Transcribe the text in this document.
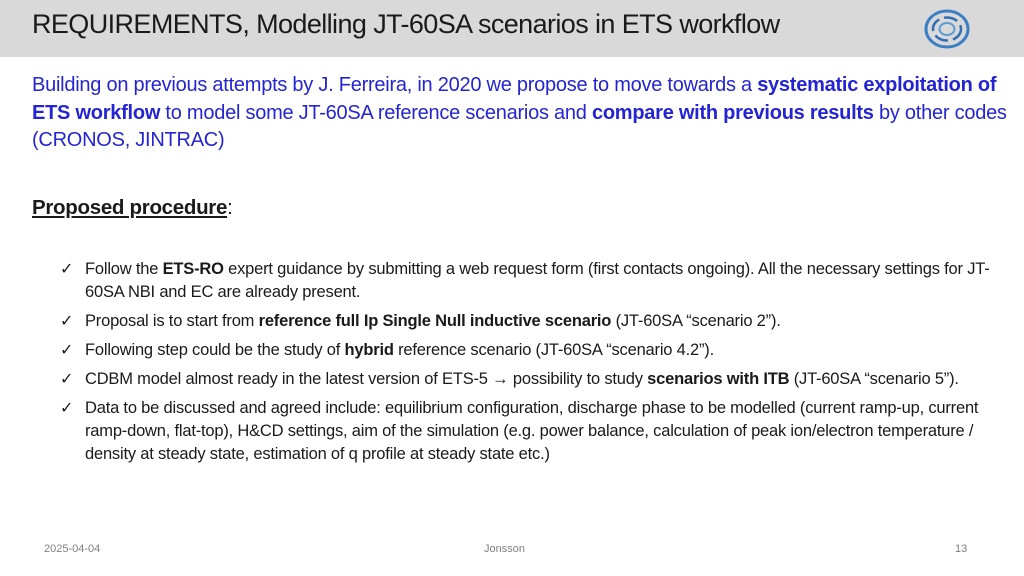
REQUIREMENTS, Modelling JT-60SA scenarios in ETS workflow
Building on previous attempts by J. Ferreira, in 2020 we propose to move towards a systematic exploitation of ETS workflow to model some JT-60SA reference scenarios and compare with previous results by other codes (CRONOS, JINTRAC)
Proposed procedure:
✓ Follow the ETS-RO expert guidance by submitting a web request form (first contacts ongoing). All the necessary settings for JT-60SA NBI and EC are already present.
✓ Proposal is to start from reference full Ip Single Null inductive scenario (JT-60SA “scenario 2”).
✓ Following step could be the study of hybrid reference scenario (JT-60SA “scenario 4.2”).
✓ CDBM model almost ready in the latest version of ETS-5 → possibility to study scenarios with ITB (JT-60SA “scenario 5”).
✓ Data to be discussed and agreed include: equilibrium configuration, discharge phase to be modelled (current ramp-up, current ramp-down, flat-top), H&CD settings, aim of the simulation (e.g. power balance, calculation of peak ion/electron temperature / density at steady state, estimation of q profile at steady state etc.)
2025-04-04	Jonsson	13
